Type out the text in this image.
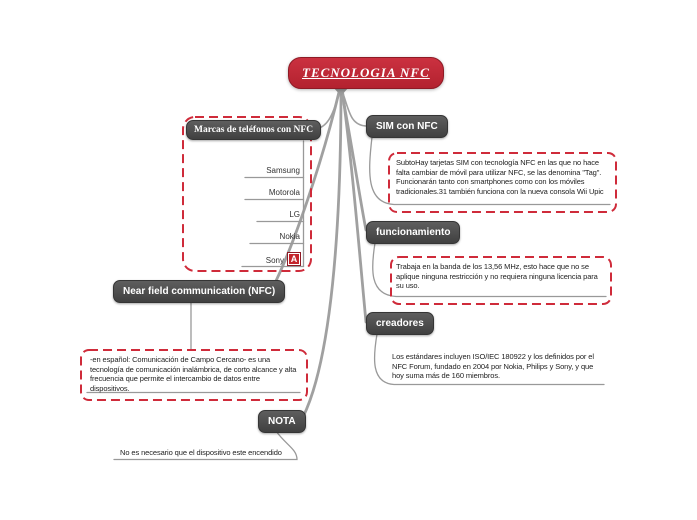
TECNOLOGIA NFC
Marcas de teléfonos con NFC
Samsung
Motorola
LG
Nokia
Sony A
Near field communication (NFC)
-en español: Comunicación de Campo Cercano- es una tecnología de comunicación inalámbrica, de corto alcance y alta frecuencia que permite el intercambio de datos entre dispositivos.
SIM con NFC
SubtoHay tarjetas SIM con tecnología NFC en las que no hace falta cambiar de móvil para utilizar NFC, se las denomina "Tag". Funcionarán tanto con smartphones como con los móviles tradicionales.31 también funciona con la nueva consola Wii Upic
funcionamiento
Trabaja en la banda de los 13,56 MHz, esto hace que no se aplique ninguna restricción y no requiera ninguna licencia para su uso.
creadores
Los estándares incluyen ISO/IEC 180922 y los definidos por el NFC Forum, fundado en 2004 por Nokia, Philips y Sony, y que hoy suma más de 160 miembros.
NOTA
No es necesario que el dispositivo este encendido
